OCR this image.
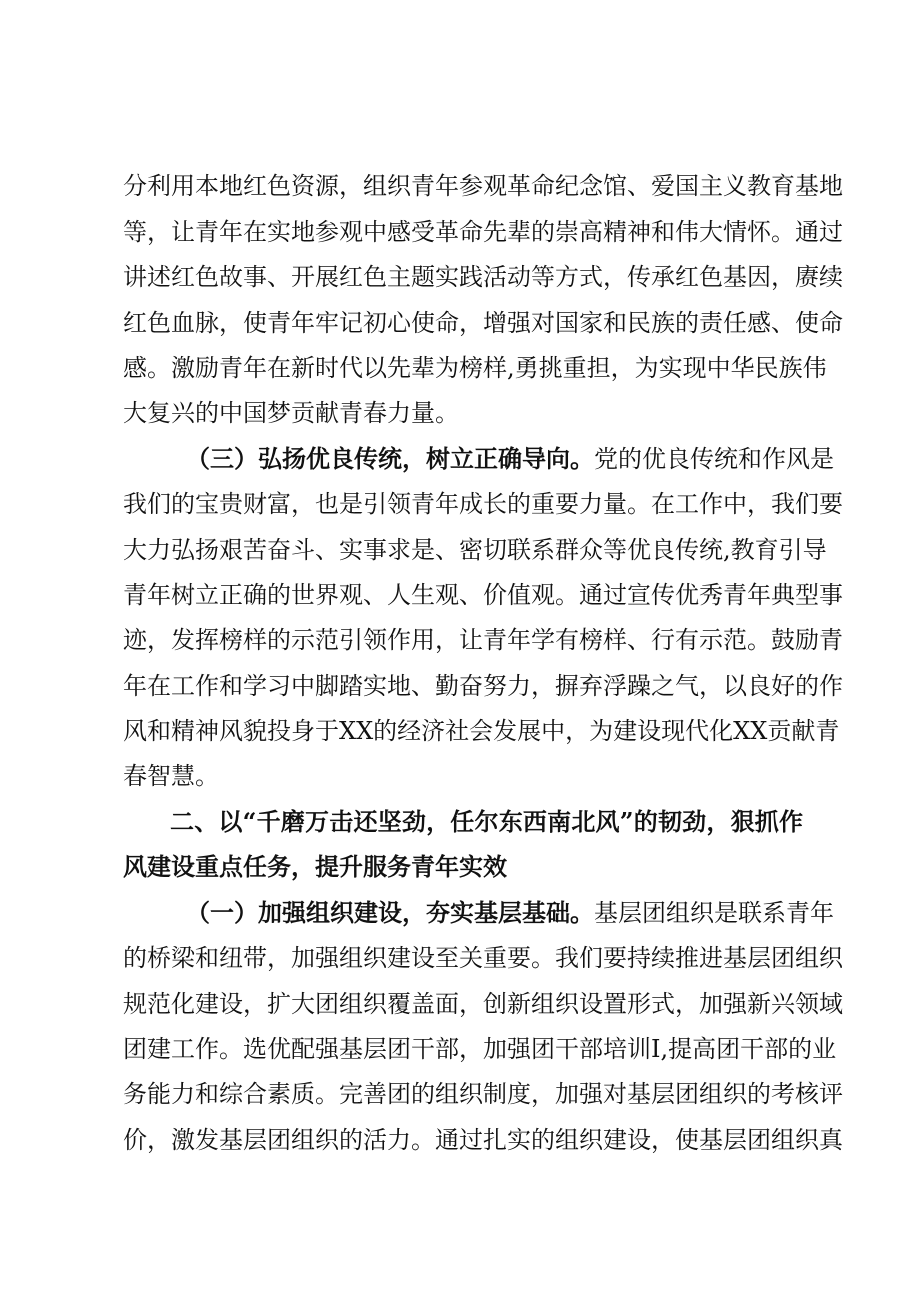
分利用本地红色资源，组织青年参观革命纪念馆、爱国主义教育基地
等，让青年在实地参观中感受革命先辈的崇高精神和伟大情怀。通过
讲述红色故事、开展红色主题实践活动等方式，传承红色基因，赓续
红色血脉，使青年牢记初心使命，增强对国家和民族的责任感、使命
感。激励青年在新时代以先辈为榜样,勇挑重担，为实现中华民族伟
大复兴的中国梦贡献青春力量。
（三）弘扬优良传统，树立正确导向。党的优良传统和作风是
我们的宝贵财富，也是引领青年成长的重要力量。在工作中，我们要
大力弘扬艰苦奋斗、实事求是、密切联系群众等优良传统,教育引导
青年树立正确的世界观、人生观、价值观。通过宣传优秀青年典型事
迹，发挥榜样的示范引领作用，让青年学有榜样、行有示范。鼓励青
年在工作和学习中脚踏实地、勤奋努力，摒弃浮躁之气，以良好的作
风和精神风貌投身于XX的经济社会发展中，为建设现代化XX贡献青
春智慧。
二、以“千磨万击还坚劲，任尔东西南北风”的韧劲，狠抓作
风建设重点任务，提升服务青年实效
（一）加强组织建设，夯实基层基础。基层团组织是联系青年
的桥梁和纽带，加强组织建设至关重要。我们要持续推进基层团组织
规范化建设，扩大团组织覆盖面，创新组织设置形式，加强新兴领域
团建工作。选优配强基层团干部，加强团干部培训I,提高团干部的业
务能力和综合素质。完善团的组织制度，加强对基层团组织的考核评
价，激发基层团组织的活力。通过扎实的组织建设，使基层团组织真
